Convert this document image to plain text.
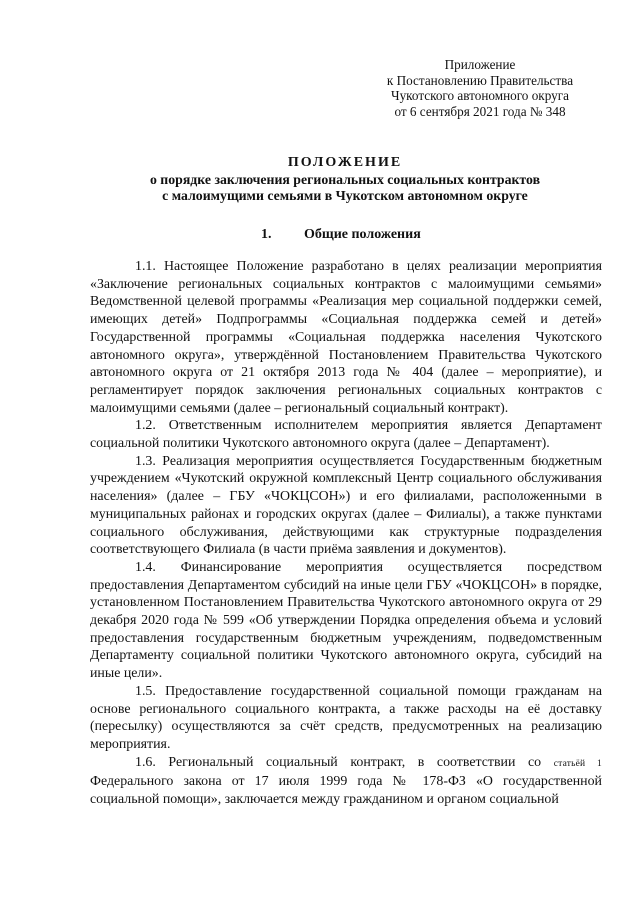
Приложение
к Постановлению Правительства
Чукотского автономного округа
от 6 сентября 2021 года № 348
ПОЛОЖЕНИЕ
о порядке заключения региональных социальных контрактов
с малоимущими семьями в Чукотском автономном округе
1. Общие положения

1.1. Настоящее Положение разработано в целях реализации мероприятия «Заключение региональных социальных контрактов с малоимущими семьями» Ведомственной целевой программы «Реализация мер социальной поддержки семей, имеющих детей» Подпрограммы «Социальная поддержка семей и детей» Государственной программы «Социальная поддержка населения Чукотского автономного округа», утверждённой Постановлением Правительства Чукотского автономного округа от 21 октября 2013 года № 404 (далее – мероприятие), и регламентирует порядок заключения региональных социальных контрактов с малоимущими семьями (далее – региональный социальный контракт).

1.2. Ответственным исполнителем мероприятия является Департамент социальной политики Чукотского автономного округа (далее – Департамент).

1.3. Реализация мероприятия осуществляется Государственным бюджетным учреждением «Чукотский окружной комплексный Центр социального обслуживания населения» (далее – ГБУ «ЧОКЦСОН») и его филиалами, расположенными в муниципальных районах и городских округах (далее – Филиалы), а также пунктами социального обслуживания, действующими как структурные подразделения соответствующего Филиала (в части приёма заявления и документов).

1.4. Финансирование мероприятия осуществляется посредством предоставления Департаментом субсидий на иные цели ГБУ «ЧОКЦСОН» в порядке, установленном Постановлением Правительства Чукотского автономного округа от 29 декабря 2020 года № 599 «Об утверждении Порядка определения объема и условий предоставления государственным бюджетным учреждениям, подведомственным Департаменту социальной политики Чукотского автономного округа, субсидий на иные цели».

1.5. Предоставление государственной социальной помощи гражданам на основе регионального социального контракта, а также расходы на её доставку (пересылку) осуществляются за счёт средств, предусмотренных на реализацию мероприятия.

1.6. Региональный социальный контракт, в соответствии со статьёй 1 Федерального закона от 17 июля 1999 года № 178-ФЗ «О государственной социальной помощи», заключается между гражданином и органом социальной
